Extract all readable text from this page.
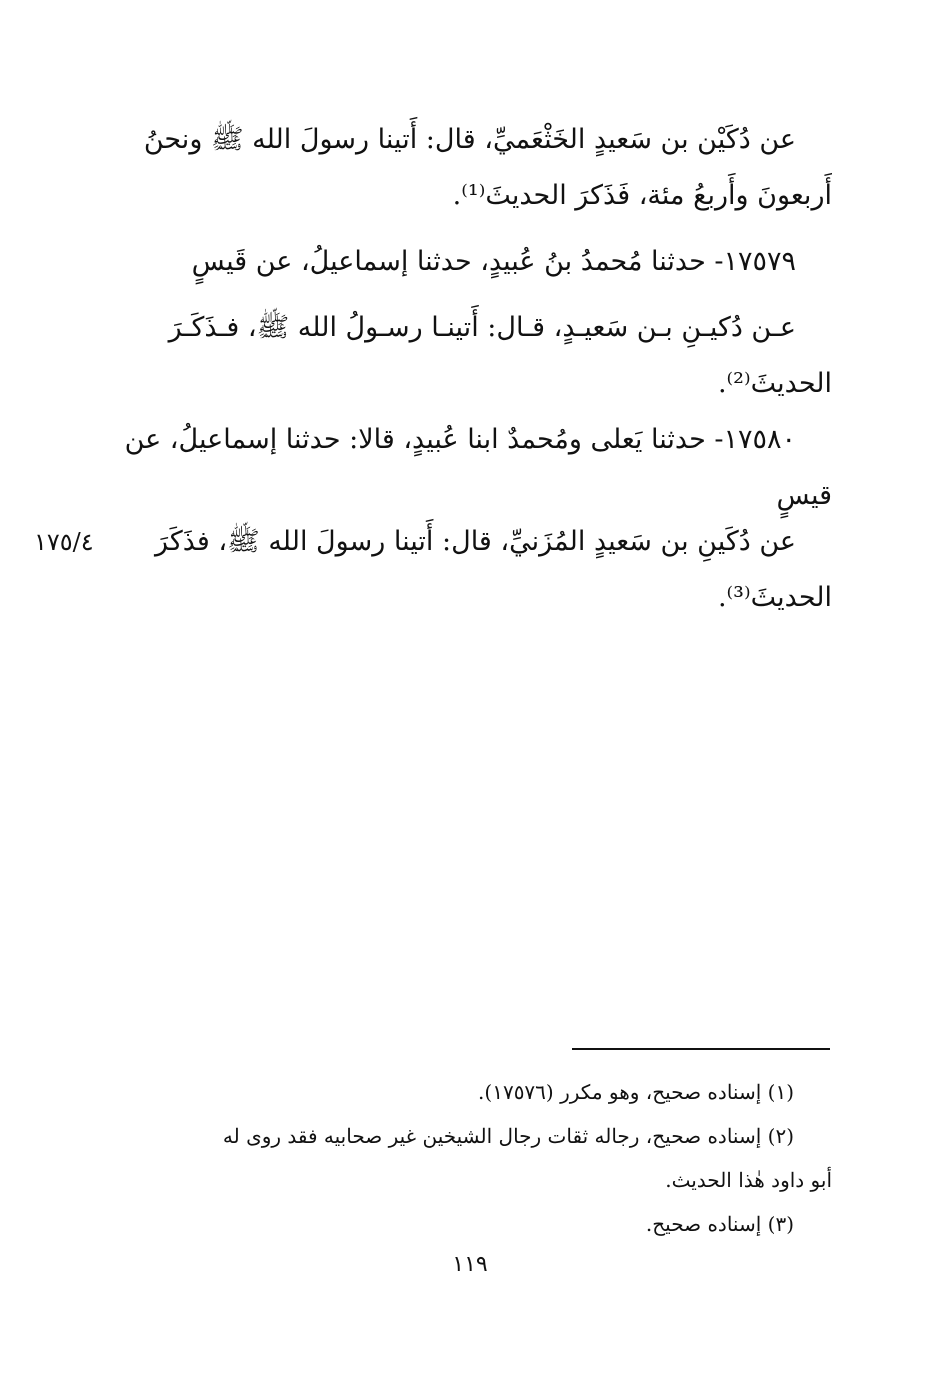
عن دُكَيْن بن سَعيدٍ الخَثْعَميِّ، قال: أَتينا رسولَ الله ﷺ ونحنُ
أَربعونَ وأَربعُ مئة، فَذَكرَ الحديثَ⁽¹⁾.
١٧٥٧٩- حدثنا مُحمدُ بنُ عُبيدٍ، حدثنا إسماعيلُ، عن قَيسٍ
عـن دُكيـنِ بـن سَعيـدٍ، قـال: أَتينـا رسـولُ الله ﷺ، فـذَكَـرَ
الحديثَ⁽²⁾.
١٧٥٨٠- حدثنا يَعلى ومُحمدٌ ابنا عُبيدٍ، قالا: حدثنا إسماعيلُ، عن
قيسٍ
عن دُكَينِ بن سَعيدٍ المُزَنيِّ، قال: أَتينا رسولَ الله ﷺ، فذَكَرَ
الحديثَ⁽³⁾.
١٧٥/٤
(١) إسناده صحيح، وهو مكرر (١٧٥٧٦).
(٢) إسناده صحيح، رجاله ثقات رجال الشيخين غير صحابيه فقد روى له
أبو داود هٰذا الحديث.
(٣) إسناده صحيح.
١١٩
